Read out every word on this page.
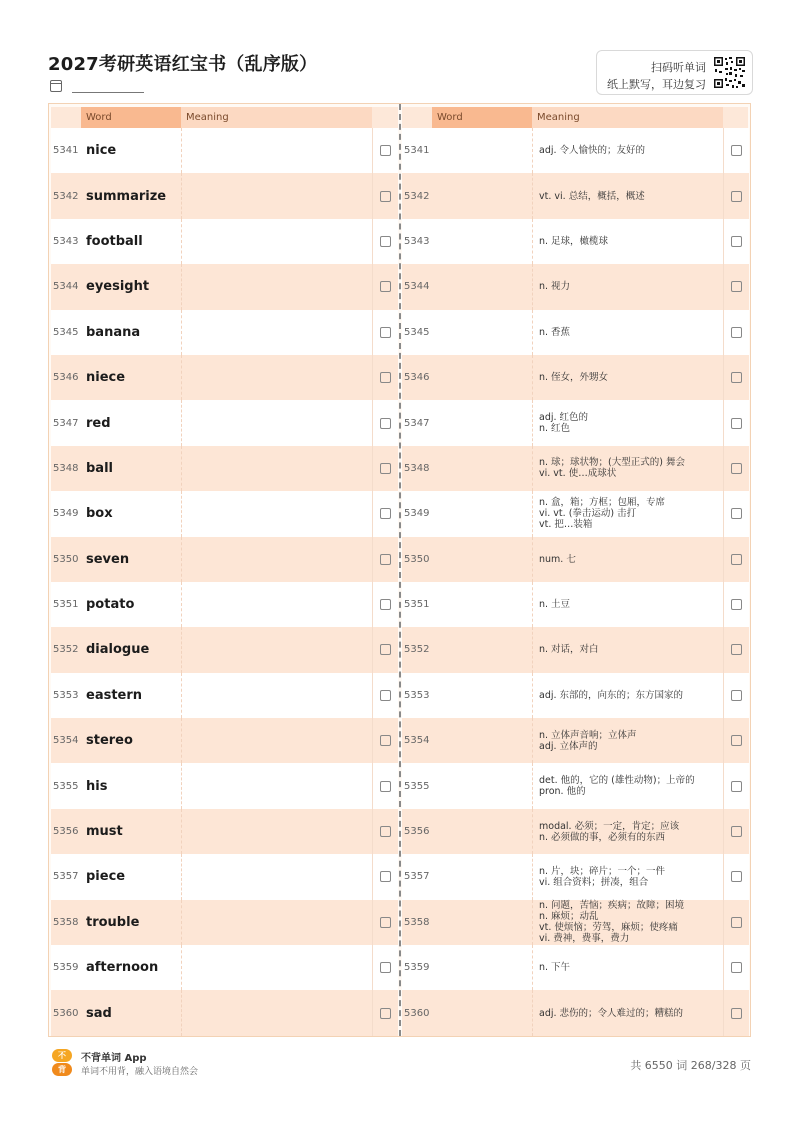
2027考研英语红宝书（乱序版）	扫码听单词
纸上默写，耳边复习
Word	Meaning
5341 nice
5342 summarize
5343 football
5344 eyesight
5345 banana
5346 niece
5347 red
5348 ball
5349 box
5350 seven
5351 potato
5352 dialogue
5353 eastern
5354 stereo
5355 his
5356 must
5357 piece
5358 trouble
5359 afternoon
5360 sad
Word	Meaning
5341	adj. 令人愉快的；友好的
5342	vt. vi. 总结，概括，概述
5343	n. 足球，橄榄球
5344	n. 视力
5345	n. 香蕉
5346	n. 侄女，外甥女
5347	adj. 红色的
n. 红色
5348	n. 球；球状物；(大型正式的) 舞会
vi. vt. 使…成球状
5349
n. 盒，箱；方框；包厢，专席
vi. vt. (拳击运动) 击打
vt. 把…装箱
5350	num. 七
5351	n. 土豆
5352	n. 对话，对白
5353	adj. 东部的，向东的；东方国家的
5354	n. 立体声音响；立体声
adj. 立体声的
5355	det. 他的，它的 (雄性动物)；上帝的
pron. 他的
5356	modal. 必须；一定，肯定；应该
n. 必须做的事，必须有的东西
5357	n. 片，块；碎片；一个；一件
vi. 组合资料；拼凑，组合
5358
n. 问题，苦恼；疾病；故障；困境
n. 麻烦；动乱
vt. 使烦恼；劳驾，麻烦；使疼痛
vi. 费神，费事，费力
5359	n. 下午
5360	adj. 悲伤的；令人难过的；糟糕的
不
背
不背单词 App
单词不用背，融入语境自然会	共 6550 词 268/328 页
